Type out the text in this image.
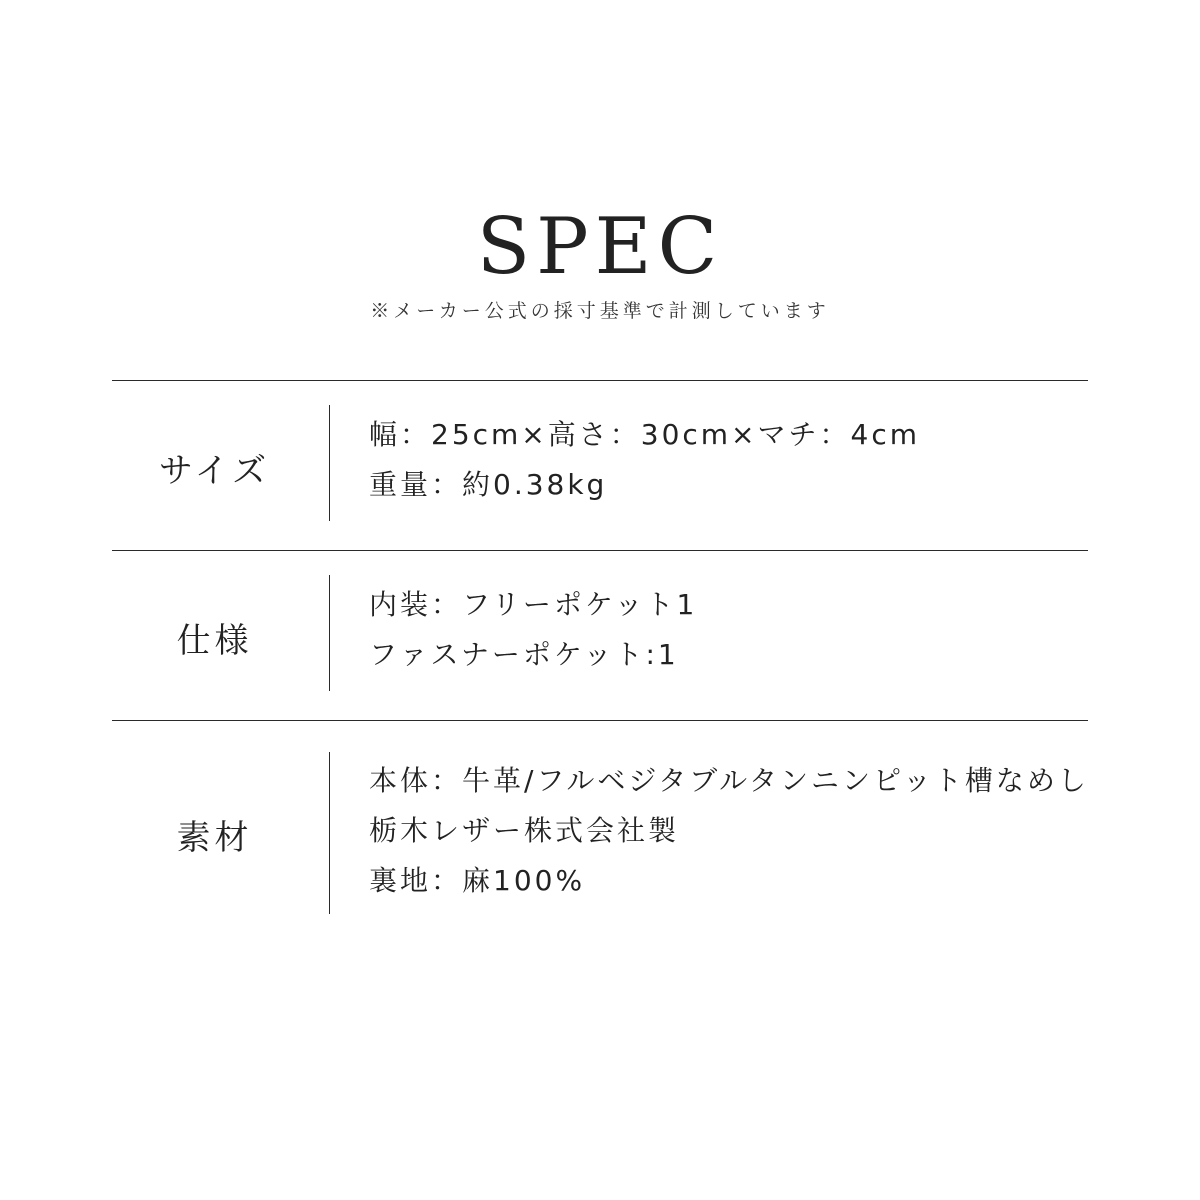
SPEC
※メーカー公式の採寸基準で計測しています
サイズ
幅：25cm×高さ：30cm×マチ：4cm
重量：約0.38kg
仕様
内装：フリーポケット1
ファスナーポケット:1
素材
本体：牛革/フルベジタブルタンニンピット槽なめし
栃木レザー株式会社製
裏地：麻100%
